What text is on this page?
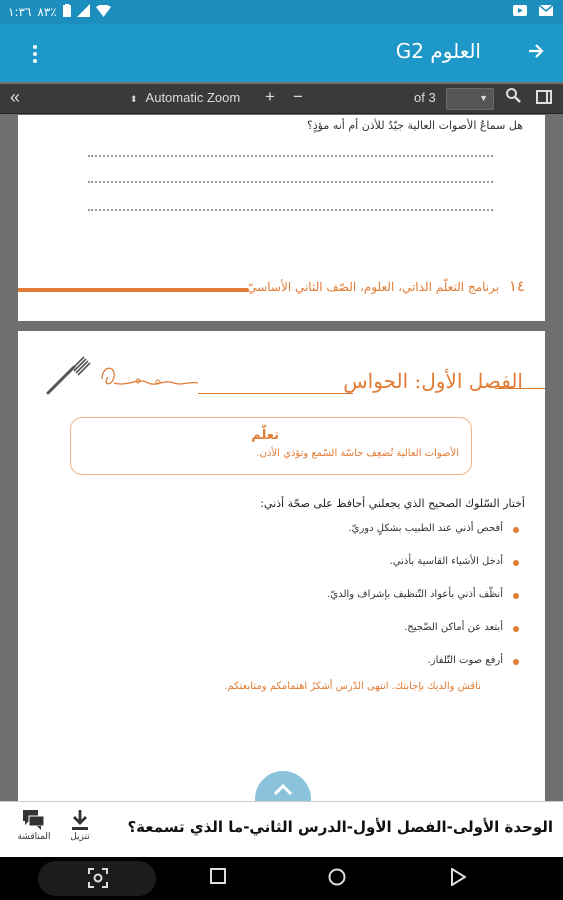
١:٣٦ ٨٣٪
العلوم G2
«	⬍ Automatic Zoom + −	of 3	▼
هل سماعُ الأصوات العالية جيّدٌ للأذن أم أنه مؤذٍ؟
١٤ برنامج التعلّم الذاتي، العلوم، الصّف الثاني الأساسيّ
الفصل الأول: الحواس
تعلّم
الأصوات العالية تُضعِف حاسّة السّمع وتؤذي الأذن.
أختار السّلوك الصحيح الذي يجعلني أحافظ على صحّة أذني:
أفحص أذني عند الطبيب بشكلٍ دوريّ.
أدخل الأشياء القاسية بأذني.
أنظّف أذني بأعواد التّنظيف بإشراف والديّ.
أبتعد عن أماكن الضّجيج.
أرفع صوت التّلفاز.
ناقش والديك بإجابتك. انتهى الدّرس أشكرُ اهتمامكم ومتابعتكم.
المناقشة	تنزيل
الوحدة الأولى-الفصل الأول-الدرس الثاني-ما الذي تسمعة؟
